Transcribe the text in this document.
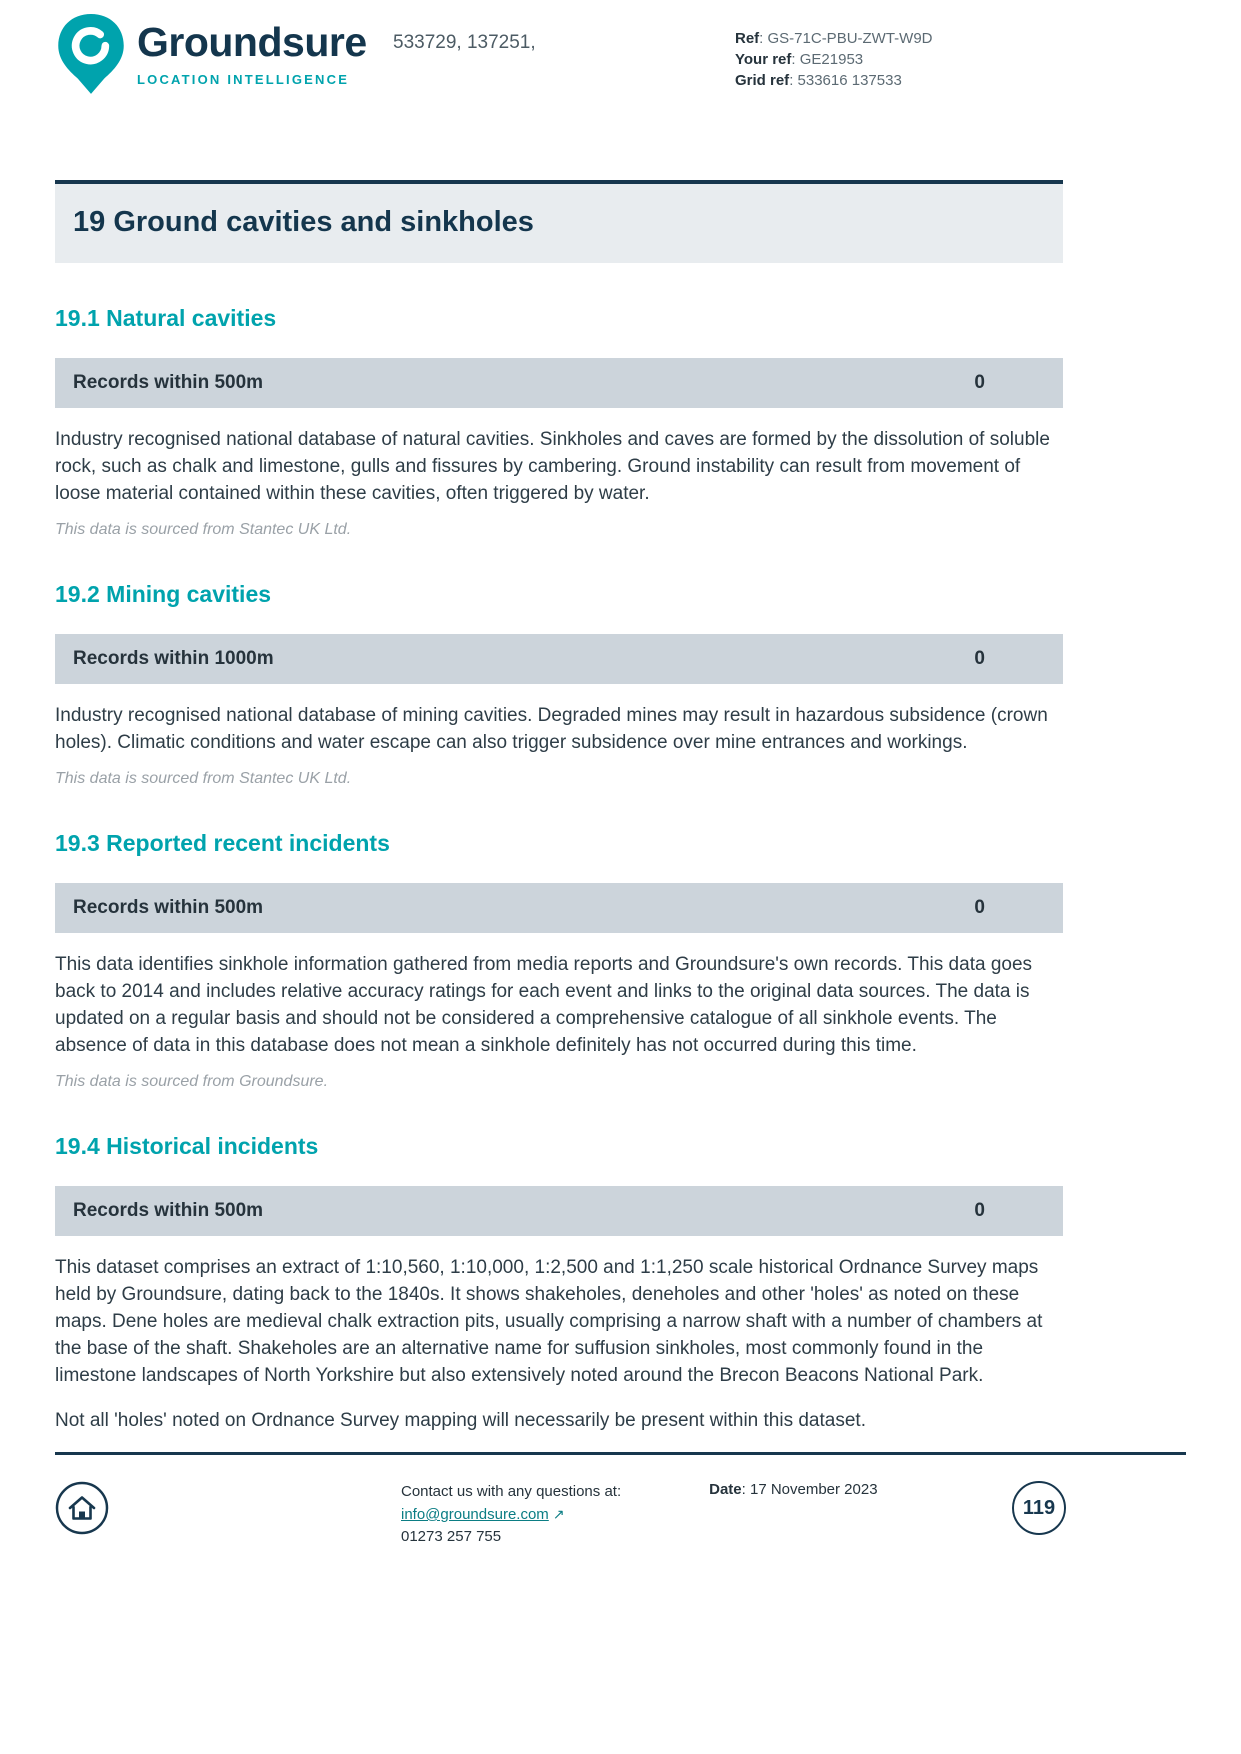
Groundsure
LOCATION INTELLIGENCE
533729, 137251,	Ref: GS-71C-PBU-ZWT-W9D
Your ref: GE21953
Grid ref: 533616 137533
19 Ground cavities and sinkholes
19.1 Natural cavities
Records within 500m	0

Industry recognised national database of natural cavities. Sinkholes and caves are formed by the dissolution of soluble rock, such as chalk and limestone, gulls and fissures by cambering. Ground instability can result from movement of loose material contained within these cavities, often triggered by water.

This data is sourced from Stantec UK Ltd.

19.2 Mining cavities
Records within 1000m	0

Industry recognised national database of mining cavities. Degraded mines may result in hazardous subsidence (crown holes). Climatic conditions and water escape can also trigger subsidence over mine entrances and workings.

This data is sourced from Stantec UK Ltd.

19.3 Reported recent incidents
Records within 500m	0

This data identifies sinkhole information gathered from media reports and Groundsure's own records. This data goes back to 2014 and includes relative accuracy ratings for each event and links to the original data sources. The data is updated on a regular basis and should not be considered a comprehensive catalogue of all sinkhole events. The absence of data in this database does not mean a sinkhole definitely has not occurred during this time.

This data is sourced from Groundsure.

19.4 Historical incidents
Records within 500m	0

This dataset comprises an extract of 1:10,560, 1:10,000, 1:2,500 and 1:1,250 scale historical Ordnance Survey maps held by Groundsure, dating back to the 1840s. It shows shakeholes, deneholes and other 'holes' as noted on these maps. Dene holes are medieval chalk extraction pits, usually comprising a narrow shaft with a number of chambers at the base of the shaft. Shakeholes are an alternative name for suffusion sinkholes, most commonly found in the limestone landscapes of North Yorkshire but also extensively noted around the Brecon Beacons National Park.

Not all 'holes' noted on Ordnance Survey mapping will necessarily be present within this dataset.

Contact us with any questions at:
info@groundsure.com ↗
01273 257 755
Date: 17 November 2023
119
